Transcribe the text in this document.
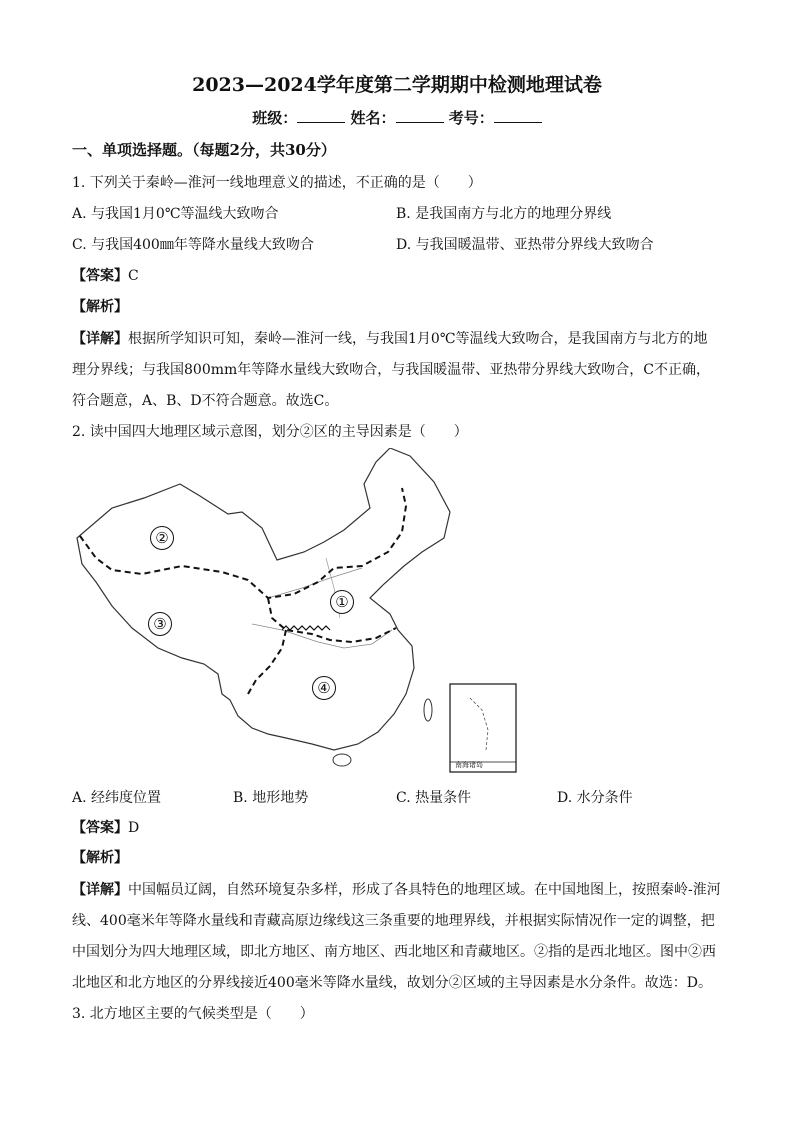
2023—2024学年度第二学期期中检测地理试卷
班级：	姓名：	考号：
一、单项选择题。（每题2分，共30分）
1. 下列关于秦岭—淮河一线地理意义的描述，不正确的是（　　）
A. 与我国1月0℃等温线大致吻合	B. 是我国南方与北方的地理分界线
C. 与我国400㎜年等降水量线大致吻合	D. 与我国暖温带、亚热带分界线大致吻合
【答案】C
【解析】
【详解】根据所学知识可知，秦岭—淮河一线，与我国1月0℃等温线大致吻合，是我国南方与北方的地
理分界线；与我国800mm年等降水量线大致吻合，与我国暖温带、亚热带分界线大致吻合，C不正确，
符合题意，A、B、D不符合题意。故选C。
2. 读中国四大地理区域示意图，划分②区的主导因素是（　　）
南海诸岛
①
②
③
④
A. 经纬度位置	B. 地形地势	C. 热量条件	D. 水分条件
【答案】D
【解析】
【详解】中国幅员辽阔，自然环境复杂多样，形成了各具特色的地理区域。在中国地图上，按照秦岭-淮河
线、400毫米年等降水量线和青藏高原边缘线这三条重要的地理界线，并根据实际情况作一定的调整，把
中国划分为四大地理区域，即北方地区、南方地区、西北地区和青藏地区。②指的是西北地区。图中②西
北地区和北方地区的分界线接近400毫米等降水量线，故划分②区域的主导因素是水分条件。故选：D。
3. 北方地区主要的气候类型是（　　）
